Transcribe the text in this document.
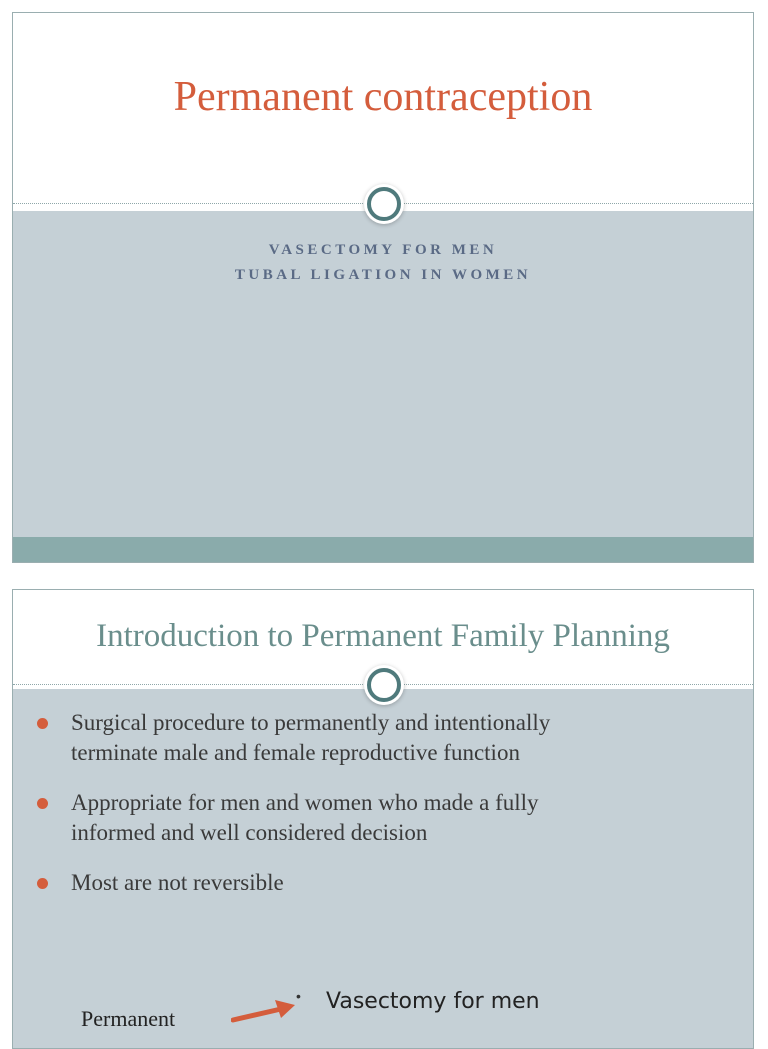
Permanent contraception
VASECTOMY FOR MEN
TUBAL LIGATION IN WOMEN
Introduction to Permanent Family Planning
Surgical procedure to permanently and intentionally
terminate male and female reproductive function
Appropriate for men and women who made a fully
informed and well considered decision
Most are not reversible
Permanent
• Vasectomy for men
